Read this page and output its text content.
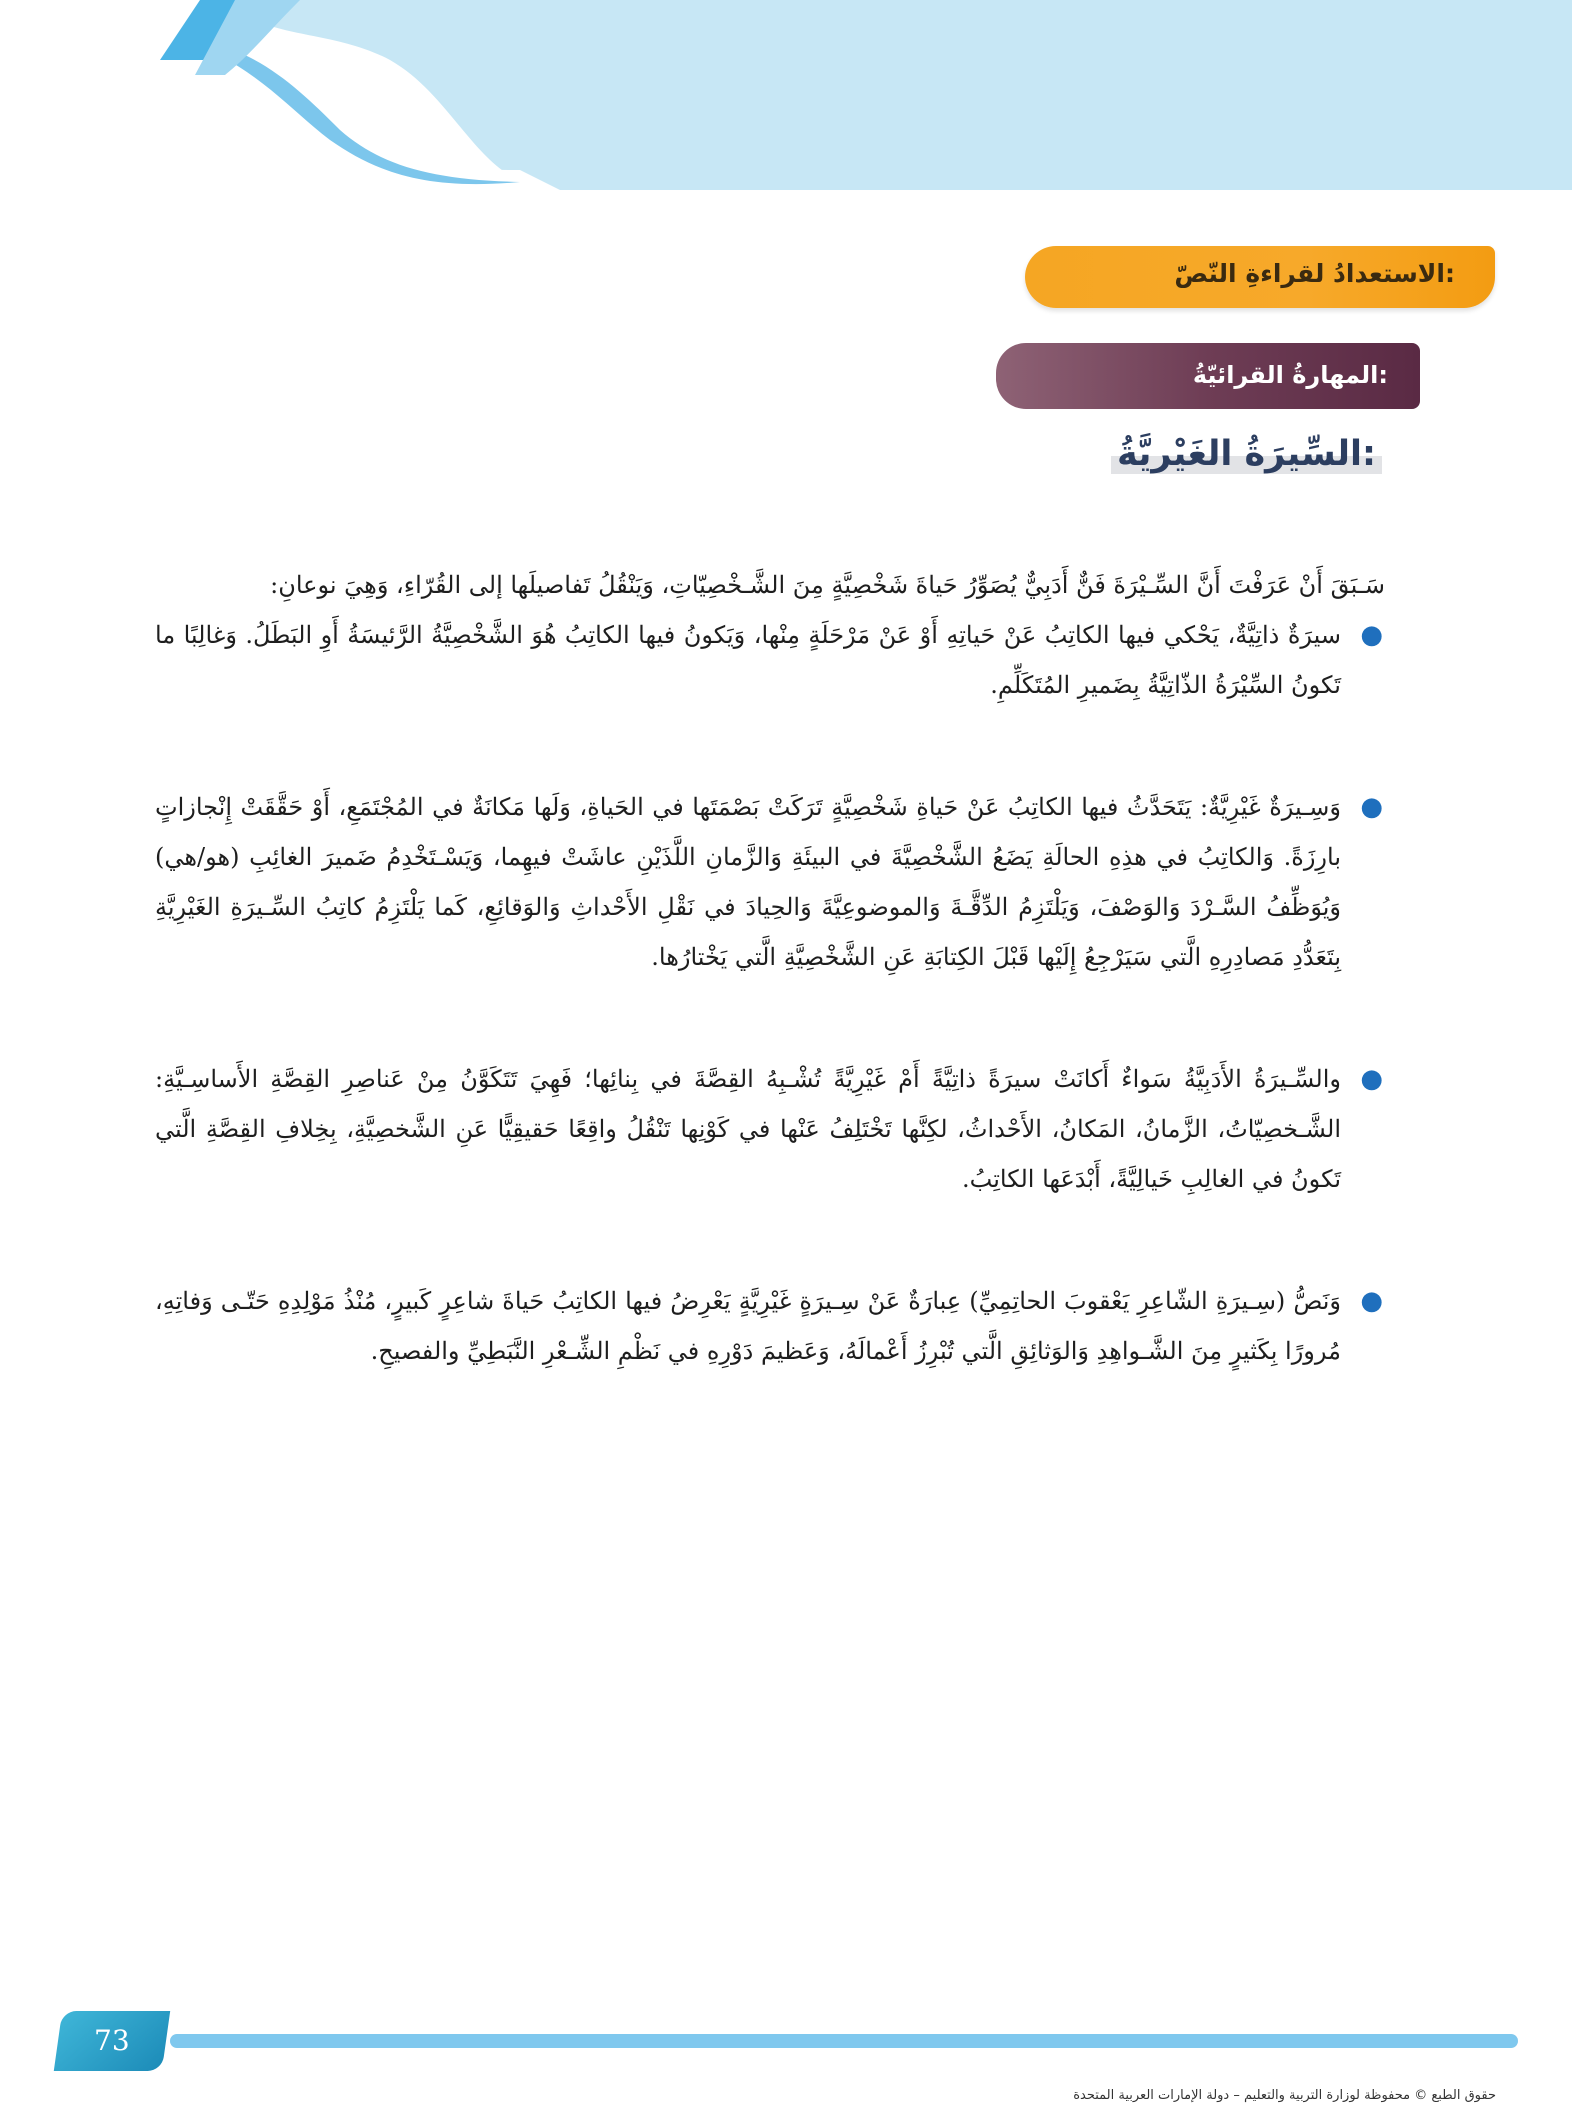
الاستعدادُ لقراءةِ النّصّ:
المهارةُ القرائيّةُ:
السِّيرَةُ الغَيْريَّةُ:

سَـبَقَ أَنْ عَرَفْتَ أَنَّ السِّـيْرَةَ فَنٌّ أَدَبِيٌّ يُصَوِّرُ حَياةَ شَخْصِيَّةٍ مِنَ الشَّـخْصِيّاتِ، وَيَنْقُلُ تَفاصيلَها إلى القُرّاءِ، وَهِيَ نوعانِ:

●
سيرَةٌ ذاتِيَّةٌ، يَحْكي فيها الكاتِبُ عَنْ حَياتِهِ أَوْ عَنْ مَرْحَلَةٍ مِنْها، وَيَكونُ فيها الكاتِبُ هُوَ الشَّخْصِيَّةُ الرَّئيسَةُ أَوِ البَطَلُ. وَغالِبًا ما تَكونُ السِّيْرَةُ الذّاتِيَّةُ بِضَميرِ المُتَكَلِّمِ.
●
وَسِـيرَةٌ غَيْرِيَّةٌ: يَتَحَدَّثُ فيها الكاتِبُ عَنْ حَياةِ شَخْصِيَّةٍ تَرَكَتْ بَصْمَتَها في الحَياةِ، وَلَها مَكانَةٌ في المُجْتَمَعِ، أَوْ حَقَّقَتْ إِنْجازاتٍ بارِزَةً. وَالكاتِبُ في هذِهِ الحالَةِ يَضَعُ الشَّخْصِيَّةَ في البيئَةِ وَالزَّمانِ اللَّذَيْنِ عاشَتْ فيهِما، وَيَسْـتَخْدِمُ ضَميرَ الغائِبِ (هو/هي) وَيُوَظِّفُ السَّـرْدَ وَالوَصْفَ، وَيَلْتَزِمُ الدِّقَّـةَ وَالموضوعِيَّةَ وَالحِيادَ في نَقْلِ الأَحْداثِ وَالوَقائِعِ، كَما يَلْتَزِمُ كاتِبُ السِّـيرَةِ الغَيْرِيَّةِ بِتَعَدُّدِ مَصادِرِهِ الَّتي سَيَرْجِعُ إِلَيْها قَبْلَ الكِتابَةِ عَنِ الشَّخْصِيَّةِ الَّتي يَخْتارُها.
●
والسِّـيرَةُ الأَدَبِيَّةُ سَواءٌ أَكانَتْ سيرَةً ذاتِيَّةً أَمْ غَيْرِيَّةً تُشْـبِهُ القِصَّةَ في بِنائِها؛ فَهِيَ تَتَكَوَّنُ مِنْ عَناصِرِ القِصَّةِ الأَساسِـيَّةِ: الشَّـخصِيّاتُ، الزَّمانُ، المَكانُ، الأَحْداثُ، لكِنَّها تَخْتَلِفُ عَنْها في كَوْنِها تَنْقُلُ واقِعًا حَقيقِيًّا عَنِ الشَّخصِيَّةِ، بِخِلافِ القِصَّةِ الَّتي تَكونُ في الغالِبِ خَيالِيَّةً، أَبْدَعَها الكاتِبُ.
●
وَنَصُّ (سِـيرَةِ الشّاعِرِ يَعْقوبَ الحاتِمِيِّ) عِبارَةٌ عَنْ سِـيرَةٍ غَيْرِيَّةٍ يَعْرِضُ فيها الكاتِبُ حَياةَ شاعِرٍ كَبيرٍ، مُنْذُ مَوْلِدِهِ حَتّـى وَفاتِهِ، مُرورًا بِكَثيرٍ مِنَ الشَّـواهِدِ وَالوَثائِقِ الَّتي تُبْرِزُ أَعْمالَهُ، وَعَظيمَ دَوْرِهِ في نَظْمِ الشِّـعْرِ النَّبَطِيِّ والفصيحِ.
73
حقوق الطبع © محفوظة لوزارة التربية والتعليم – دولة الإمارات العربية المتحدة
